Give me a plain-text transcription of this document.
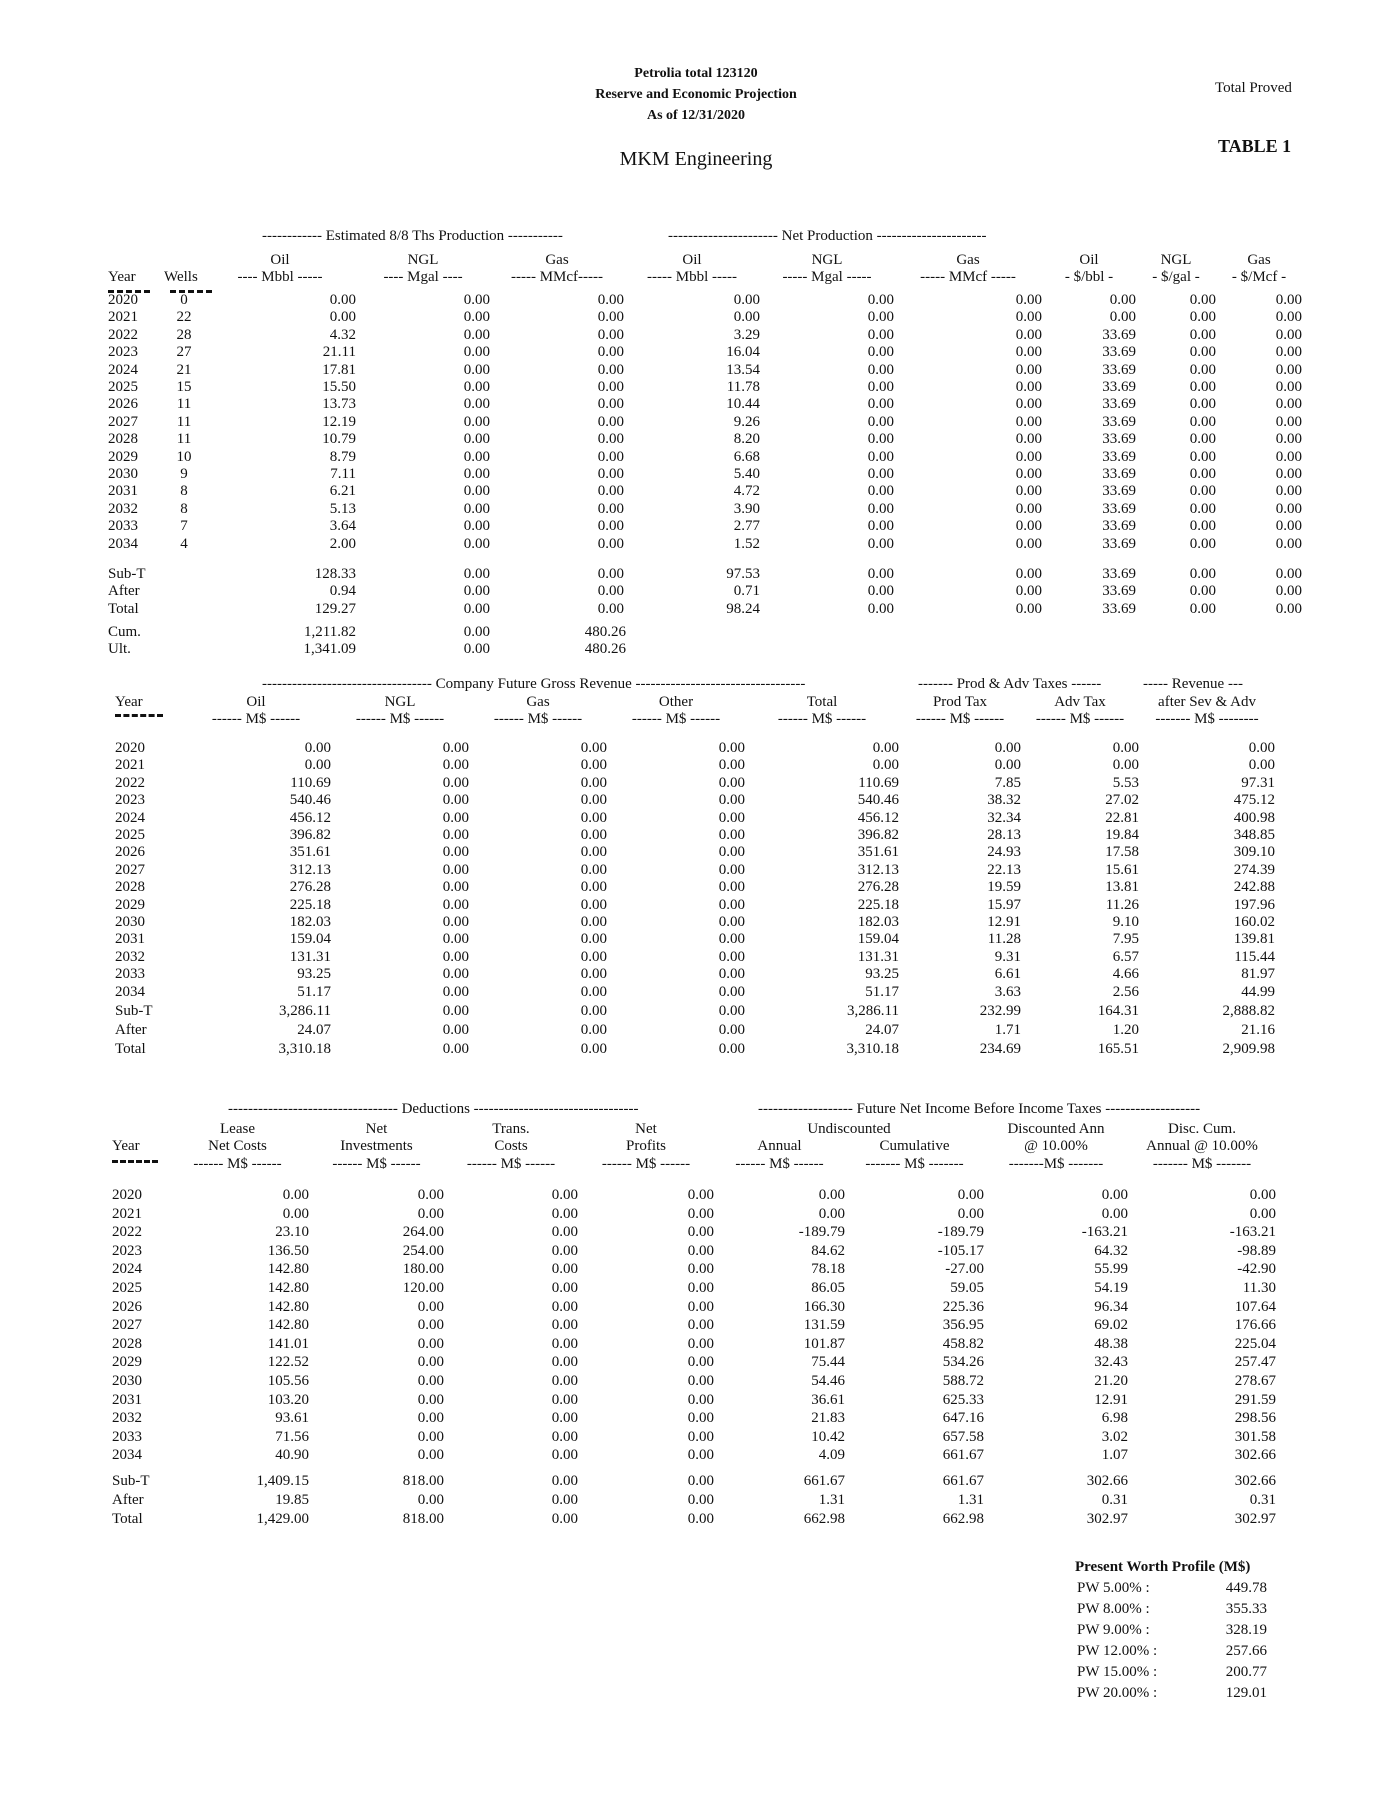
Petrolia total 123120
Reserve and Economic Projection
As of 12/31/2020
MKM Engineering
Total Proved
TABLE 1
------------ Estimated 8/8 Ths Production -----------	---------------------- Net Production ----------------------
		Oil	NGL	Gas	Oil	NGL	Gas	Oil	NGL	Gas
Year	Wells	---- Mbbl -----	---- Mgal ----	----- MMcf-----	----- Mbbl -----	----- Mgal -----	----- MMcf -----	- $/bbl -	- $/gal -	- $/Mcf -
2020	0	0.00	0.00	0.00	0.00	0.00	0.00	0.00	0.00	0.00
2021	22	0.00	0.00	0.00	0.00	0.00	0.00	0.00	0.00	0.00
2022	28	4.32	0.00	0.00	3.29	0.00	0.00	33.69	0.00	0.00
2023	27	21.11	0.00	0.00	16.04	0.00	0.00	33.69	0.00	0.00
2024	21	17.81	0.00	0.00	13.54	0.00	0.00	33.69	0.00	0.00
2025	15	15.50	0.00	0.00	11.78	0.00	0.00	33.69	0.00	0.00
2026	11	13.73	0.00	0.00	10.44	0.00	0.00	33.69	0.00	0.00
2027	11	12.19	0.00	0.00	9.26	0.00	0.00	33.69	0.00	0.00
2028	11	10.79	0.00	0.00	8.20	0.00	0.00	33.69	0.00	0.00
2029	10	8.79	0.00	0.00	6.68	0.00	0.00	33.69	0.00	0.00
2030	9	7.11	0.00	0.00	5.40	0.00	0.00	33.69	0.00	0.00
2031	8	6.21	0.00	0.00	4.72	0.00	0.00	33.69	0.00	0.00
2032	8	5.13	0.00	0.00	3.90	0.00	0.00	33.69	0.00	0.00
2033	7	3.64	0.00	0.00	2.77	0.00	0.00	33.69	0.00	0.00
2034	4	2.00	0.00	0.00	1.52	0.00	0.00	33.69	0.00	0.00
Sub-T		128.33	0.00	0.00	97.53	0.00	0.00	33.69	0.00	0.00
After		0.94	0.00	0.00	0.71	0.00	0.00	33.69	0.00	0.00
Total		129.27	0.00	0.00	98.24	0.00	0.00	33.69	0.00	0.00
Cum.		1,211.82	0.00	480.26
Ult.		1,341.09	0.00	480.26
---------------------------------- Company Future Gross Revenue ----------------------------------	------- Prod & Adv Taxes ------	----- Revenue ---
Year	Oil	NGL	Gas	Other	Total	Prod Tax	Adv Tax	after Sev & Adv
	------ M$ ------	------ M$ ------	------ M$ ------	------ M$ ------	------ M$ ------	------ M$ ------	------ M$ ------	------- M$ --------
2020	0.00	0.00	0.00	0.00	0.00	0.00	0.00	0.00
2021	0.00	0.00	0.00	0.00	0.00	0.00	0.00	0.00
2022	110.69	0.00	0.00	0.00	110.69	7.85	5.53	97.31
2023	540.46	0.00	0.00	0.00	540.46	38.32	27.02	475.12
2024	456.12	0.00	0.00	0.00	456.12	32.34	22.81	400.98
2025	396.82	0.00	0.00	0.00	396.82	28.13	19.84	348.85
2026	351.61	0.00	0.00	0.00	351.61	24.93	17.58	309.10
2027	312.13	0.00	0.00	0.00	312.13	22.13	15.61	274.39
2028	276.28	0.00	0.00	0.00	276.28	19.59	13.81	242.88
2029	225.18	0.00	0.00	0.00	225.18	15.97	11.26	197.96
2030	182.03	0.00	0.00	0.00	182.03	12.91	9.10	160.02
2031	159.04	0.00	0.00	0.00	159.04	11.28	7.95	139.81
2032	131.31	0.00	0.00	0.00	131.31	9.31	6.57	115.44
2033	93.25	0.00	0.00	0.00	93.25	6.61	4.66	81.97
2034	51.17	0.00	0.00	0.00	51.17	3.63	2.56	44.99
Sub-T	3,286.11	0.00	0.00	0.00	3,286.11	232.99	164.31	2,888.82
After	24.07	0.00	0.00	0.00	24.07	1.71	1.20	21.16
Total	3,310.18	0.00	0.00	0.00	3,310.18	234.69	165.51	2,909.98
---------------------------------- Deductions ---------------------------------	------------------- Future Net Income Before Income Taxes -------------------
	Lease	Net	Trans.	Net	Undiscounted		Discounted Ann	Disc. Cum.
Year	Net Costs	Investments	Costs	Profits	Annual	Cumulative	@ 10.00%	Annual @ 10.00%
	------ M$ ------	------ M$ ------	------ M$ ------	------ M$ ------	------ M$ ------	------- M$ -------	-------M$ -------	------- M$ -------
2020	0.00	0.00	0.00	0.00	0.00	0.00	0.00	0.00
2021	0.00	0.00	0.00	0.00	0.00	0.00	0.00	0.00
2022	23.10	264.00	0.00	0.00	-189.79	-189.79	-163.21	-163.21
2023	136.50	254.00	0.00	0.00	84.62	-105.17	64.32	-98.89
2024	142.80	180.00	0.00	0.00	78.18	-27.00	55.99	-42.90
2025	142.80	120.00	0.00	0.00	86.05	59.05	54.19	11.30
2026	142.80	0.00	0.00	0.00	166.30	225.36	96.34	107.64
2027	142.80	0.00	0.00	0.00	131.59	356.95	69.02	176.66
2028	141.01	0.00	0.00	0.00	101.87	458.82	48.38	225.04
2029	122.52	0.00	0.00	0.00	75.44	534.26	32.43	257.47
2030	105.56	0.00	0.00	0.00	54.46	588.72	21.20	278.67
2031	103.20	0.00	0.00	0.00	36.61	625.33	12.91	291.59
2032	93.61	0.00	0.00	0.00	21.83	647.16	6.98	298.56
2033	71.56	0.00	0.00	0.00	10.42	657.58	3.02	301.58
2034	40.90	0.00	0.00	0.00	4.09	661.67	1.07	302.66
Sub-T	1,409.15	818.00	0.00	0.00	661.67	661.67	302.66	302.66
After	19.85	0.00	0.00	0.00	1.31	1.31	0.31	0.31
Total	1,429.00	818.00	0.00	0.00	662.98	662.98	302.97	302.97
Present Worth Profile (M$)
PW 5.00% :	449.78
PW 8.00% :	355.33
PW 9.00% :	328.19
PW 12.00% :	257.66
PW 15.00% :	200.77
PW 20.00% :	129.01
